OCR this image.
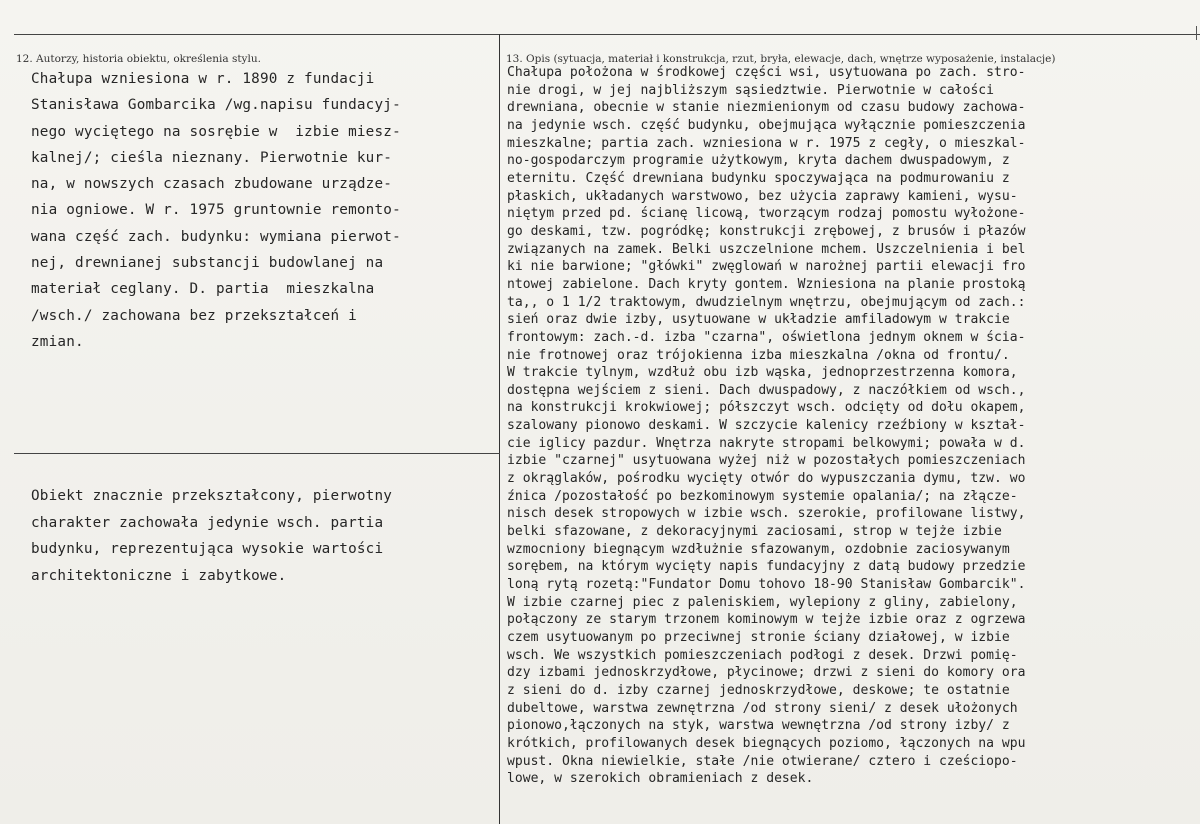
12. Autorzy, historia obiektu, określenia stylu.	13. Opis (sytuacja, materiał i konstrukcja, rzut, bryła, elewacje, dach, wnętrze wyposażenie, instalacje)
Chałupa wzniesiona w r. 1890 z fundacji
Stanisława Gombarcika /wg.napisu fundacyj-
nego wyciętego na sosrębie w  izbie miesz-
kalnej/; cieśla nieznany. Pierwotnie kur-
na, w nowszych czasach zbudowane urządze-
nia ogniowe. W r. 1975 gruntownie remonto-
wana część zach. budynku: wymiana pierwot-
nej, drewnianej substancji budowlanej na
materiał ceglany. D. partia  mieszkalna
/wsch./ zachowana bez przekształceń i
zmian.
Obiekt znacznie przekształcony, pierwotny
charakter zachowała jedynie wsch. partia
budynku, reprezentująca wysokie wartości
architektoniczne i zabytkowe.
Chałupa położona w środkowej części wsi, usytuowana po zach. stro-
nie drogi, w jej najbliższym sąsiedztwie. Pierwotnie w całości
drewniana, obecnie w stanie niezmienionym od czasu budowy zachowa-
na jedynie wsch. część budynku, obejmująca wyłącznie pomieszczenia
mieszkalne; partia zach. wzniesiona w r. 1975 z cegły, o mieszkal-
no-gospodarczym programie użytkowym, kryta dachem dwuspadowym, z
eternitu. Część drewniana budynku spoczywająca na podmurowaniu z
płaskich, układanych warstwowo, bez użycia zaprawy kamieni, wysu-
niętym przed pd. ścianę licową, tworzącym rodzaj pomostu wyłożone-
go deskami, tzw. pogródkę; konstrukcji zrębowej, z brusów i płazów
związanych na zamek. Belki uszczelnione mchem. Uszczelnienia i bel
ki nie barwione; "główki" zwęglowań w narożnej partii elewacji fro
ntowej zabielone. Dach kryty gontem. Wzniesiona na planie prostoką
ta,, o 1 1/2 traktowym, dwudzielnym wnętrzu, obejmującym od zach.:
sień oraz dwie izby, usytuowane w układzie amfiladowym w trakcie
frontowym: zach.-d. izba "czarna", oświetlona jednym oknem w ścia-
nie frotnowej oraz trójokienna izba mieszkalna /okna od frontu/.
W trakcie tylnym, wzdłuż obu izb wąska, jednoprzestrzenna komora,
dostępna wejściem z sieni. Dach dwuspadowy, z naczółkiem od wsch.,
na konstrukcji krokwiowej; półszczyt wsch. odcięty od dołu okapem,
szalowany pionowo deskami. W szczycie kalenicy rzeźbiony w kształ-
cie iglicy pazdur. Wnętrza nakryte stropami belkowymi; powała w d.
izbie "czarnej" usytuowana wyżej niż w pozostałych pomieszczeniach
z okrąglaków, pośrodku wycięty otwór do wypuszczania dymu, tzw. wo
źnica /pozostałość po bezkominowym systemie opalania/; na złącze-
nisch desek stropowych w izbie wsch. szerokie, profilowane listwy,
belki sfazowane, z dekoracyjnymi zaciosami, strop w tejże izbie
wzmocniony biegnącym wzdłużnie sfazowanym, ozdobnie zaciosywanym
sorębem, na którym wycięty napis fundacyjny z datą budowy przedzie
loną rytą rozetą:"Fundator Domu tohovo 18-90 Stanisław Gombarcik".
W izbie czarnej piec z paleniskiem, wylepiony z gliny, zabielony,
połączony ze starym trzonem kominowym w tejże izbie oraz z ogrzewa
czem usytuowanym po przeciwnej stronie ściany działowej, w izbie
wsch. We wszystkich pomieszczeniach podłogi z desek. Drzwi pomię-
dzy izbami jednoskrzydłowe, płycinowe; drzwi z sieni do komory ora
z sieni do d. izby czarnej jednoskrzydłowe, deskowe; te ostatnie
dubeltowe, warstwa zewnętrzna /od strony sieni/ z desek ułożonych
pionowo,łączonych na styk, warstwa wewnętrzna /od strony izby/ z
krótkich, profilowanych desek biegnących poziomo, łączonych na wpu
wpust. Okna niewielkie, stałe /nie otwierane/ cztero i cześciopo-
lowe, w szerokich obramieniach z desek.
